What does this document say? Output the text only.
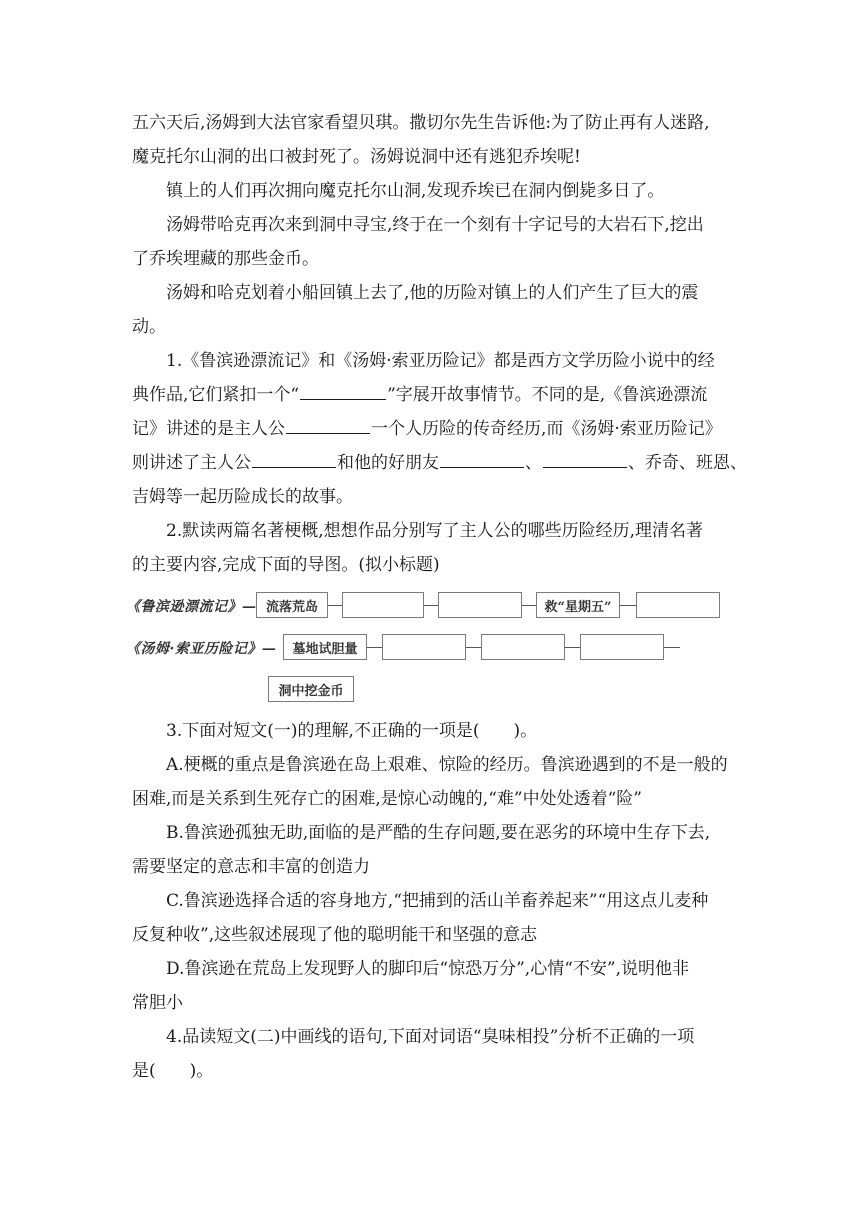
五六天后,汤姆到大法官家看望贝琪。撒切尔先生告诉他:为了防止再有人迷路,

魔克托尔山洞的出口被封死了。汤姆说洞中还有逃犯乔埃呢!

镇上的人们再次拥向魔克托尔山洞,发现乔埃已在洞内倒毙多日了。

汤姆带哈克再次来到洞中寻宝,终于在一个刻有十字记号的大岩石下,挖出

了乔埃埋藏的那些金币。

汤姆和哈克划着小船回镇上去了,他的历险对镇上的人们产生了巨大的震

动。

1.《鲁滨逊漂流记》和《汤姆·索亚历险记》都是西方文学历险小说中的经

典作品,它们紧扣一个“	”字展开故事情节。不同的是,《鲁滨逊漂流

记》讲述的是主人公	一个人历险的传奇经历,而《汤姆·索亚历险记》

则讲述了主人公	和他的好朋友	、	、乔奇、班恩、

吉姆等一起历险成长的故事。

2.默读两篇名著梗概,想想作品分别写了主人公的哪些历险经历,理清名著

的主要内容,完成下面的导图。(拟小标题)

《鲁滨逊漂流记》— 流落荒岛	救“星期五”
《汤姆·索亚历险记》—	墓地试胆量
洞中挖金币

3.下面对短文(一)的理解,不正确的一项是(　　)。

A.梗概的重点是鲁滨逊在岛上艰难、惊险的经历。鲁滨逊遇到的不是一般的

困难,而是关系到生死存亡的困难,是惊心动魄的,“难”中处处透着“险”

B.鲁滨逊孤独无助,面临的是严酷的生存问题,要在恶劣的环境中生存下去,

需要坚定的意志和丰富的创造力

C.鲁滨逊选择合适的容身地方,“把捕到的活山羊畜养起来”“用这点儿麦种

反复种收”,这些叙述展现了他的聪明能干和坚强的意志

D.鲁滨逊在荒岛上发现野人的脚印后“惊恐万分”,心情“不安”,说明他非

常胆小

4.品读短文(二)中画线的语句,下面对词语“臭味相投”分析不正确的一项

是(　　)。
